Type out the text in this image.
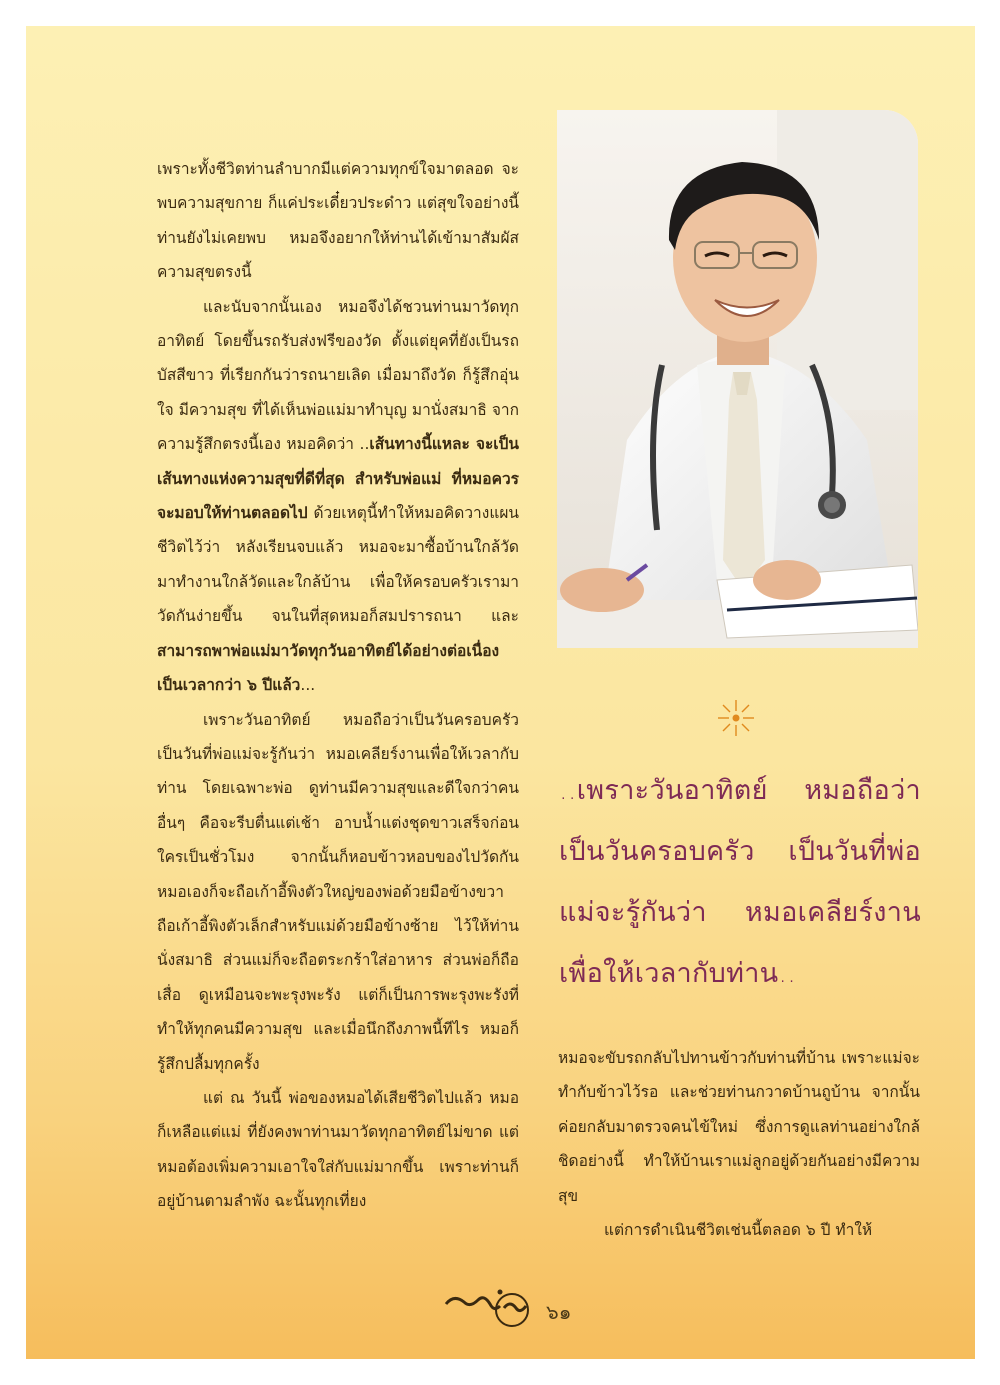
เพราะทั้งชีวิตท่านลำบากมีแต่ความทุกข์ใจมาตลอด จะพบความสุขกาย ก็แค่ประเดี๋ยวประด๋าว แต่สุขใจอย่างนี้ ท่านยังไม่เคยพบ หมอจึงอยากให้ท่านได้เข้ามาสัมผัสความสุขตรงนี้

และนับจากนั้นเอง หมอจึงได้ชวนท่านมาวัดทุกอาทิตย์ โดยขึ้นรถรับส่งฟรีของวัด ตั้งแต่ยุคที่ยังเป็นรถบัสสีขาว ที่เรียกกันว่ารถนายเลิด เมื่อมาถึงวัด ก็รู้สึกอุ่นใจ มีความสุข ที่ได้เห็นพ่อแม่มาทำบุญ มานั่งสมาธิ จากความรู้สึกตรงนี้เอง หมอคิดว่า ..เส้นทางนี้แหละ จะเป็นเส้นทางแห่งความสุขที่ดีที่สุด สำหรับพ่อแม่ ที่หมอควรจะมอบให้ท่านตลอดไป ด้วยเหตุนี้ทำให้หมอคิดวางแผนชีวิตไว้ว่า หลังเรียนจบแล้ว หมอจะมาซื้อบ้านใกล้วัด มาทำงานใกล้วัดและใกล้บ้าน เพื่อให้ครอบครัวเรามาวัดกันง่ายขึ้น จนในที่สุดหมอก็สมปรารถนา และสามารถพาพ่อแม่มาวัดทุกวันอาทิตย์ได้อย่างต่อเนื่องเป็นเวลากว่า ๖ ปีแล้ว...

เพราะวันอาทิตย์ หมอถือว่าเป็นวันครอบครัว เป็นวันที่พ่อแม่จะรู้กันว่า หมอเคลียร์งานเพื่อให้เวลากับท่าน โดยเฉพาะพ่อ ดูท่านมีความสุขและดีใจกว่าคนอื่นๆ คือจะรีบตื่นแต่เช้า อาบน้ำแต่งชุดขาวเสร็จก่อนใครเป็นชั่วโมง จากนั้นก็หอบข้าวหอบของไปวัดกัน หมอเองก็จะถือเก้าอี้พิงตัวใหญ่ของพ่อด้วยมือข้างขวา ถือเก้าอี้พิงตัวเล็กสำหรับแม่ด้วยมือข้างซ้าย ไว้ให้ท่านนั่งสมาธิ ส่วนแม่ก็จะถือตระกร้าใส่อาหาร ส่วนพ่อก็ถือเสื่อ ดูเหมือนจะพะรุงพะรัง แต่ก็เป็นการพะรุงพะรังที่ทำให้ทุกคนมีความสุข และเมื่อนึกถึงภาพนี้ทีไร หมอก็รู้สึกปลื้มทุกครั้ง

แต่ ณ วันนี้ พ่อของหมอได้เสียชีวิตไปแล้ว หมอก็เหลือแต่แม่ ที่ยังคงพาท่านมาวัดทุกอาทิตย์ไม่ขาด แต่หมอต้องเพิ่มความเอาใจใส่กับแม่มากขึ้น เพราะท่านก็อยู่บ้านตามลำพัง ฉะนั้นทุกเที่ยง

..เพราะวันอาทิตย์ หมอถือว่าเป็นวันครอบครัว เป็นวันที่พ่อแม่จะรู้กันว่า หมอเคลียร์งานเพื่อให้เวลากับท่าน..

หมอจะขับรถกลับไปทานข้าวกับท่านที่บ้าน เพราะแม่จะทำกับข้าวไว้รอ และช่วยท่านกวาดบ้านถูบ้าน จากนั้นค่อยกลับมาตรวจคนไข้ใหม่ ซึ่งการดูแลท่านอย่างใกล้ชิดอย่างนี้ ทำให้บ้านเราแม่ลูกอยู่ด้วยกันอย่างมีความสุข

แต่การดำเนินชีวิตเช่นนี้ตลอด ๖ ปี ทำให้

๖๑
